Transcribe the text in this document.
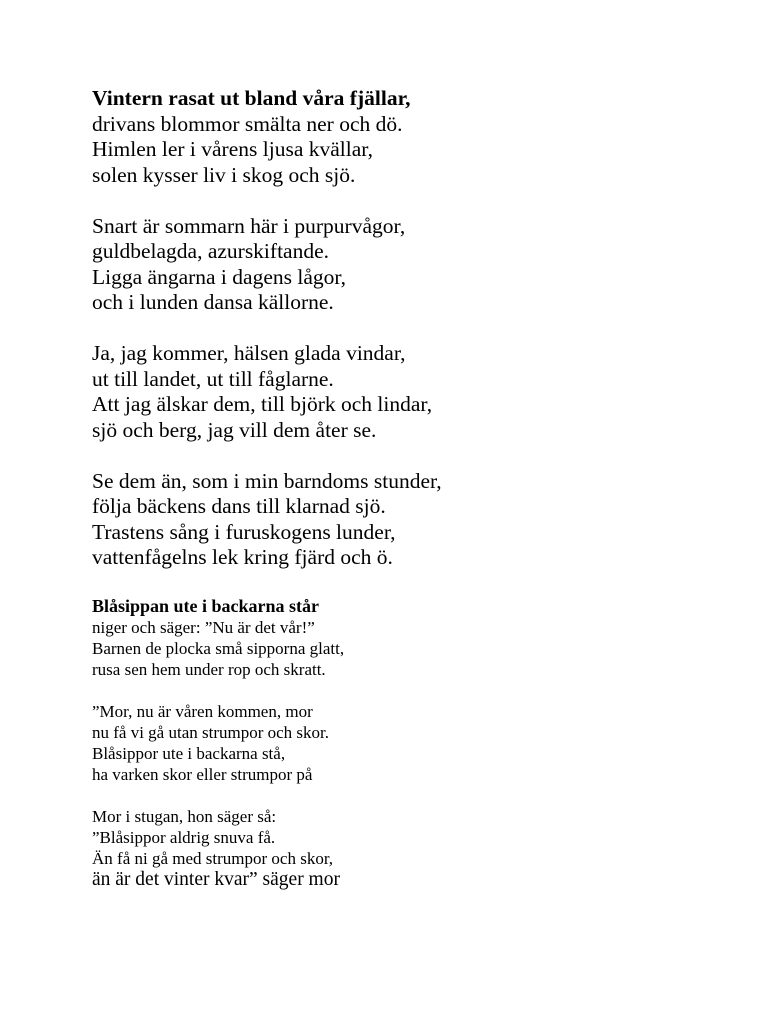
Vintern rasat ut bland våra fjällar,
drivans blommor smälta ner och dö.
Himlen ler i vårens ljusa kvällar,
solen kysser liv i skog och sjö.

Snart är sommarn här i purpurvågor,
guldbelagda, azurskiftande.
Ligga ängarna i dagens lågor,
och i lunden dansa källorne.

Ja, jag kommer, hälsen glada vindar,
ut till landet, ut till fåglarne.
Att jag älskar dem, till björk och lindar,
sjö och berg, jag vill dem åter se.

Se dem än, som i min barndoms stunder,
följa bäckens dans till klarnad sjö.
Trastens sång i furuskogens lunder,
vattenfågelns lek kring fjärd och ö.

Blåsippan ute i backarna står
niger och säger: ”Nu är det vår!”
Barnen de plocka små sipporna glatt,
rusa sen hem under rop och skratt.

”Mor, nu är våren kommen, mor
nu få vi gå utan strumpor och skor.
Blåsippor ute i backarna stå,
ha varken skor eller strumpor på

Mor i stugan, hon säger så:
”Blåsippor aldrig snuva få.
Än få ni gå med strumpor och skor,
än är det vinter kvar” säger mor
